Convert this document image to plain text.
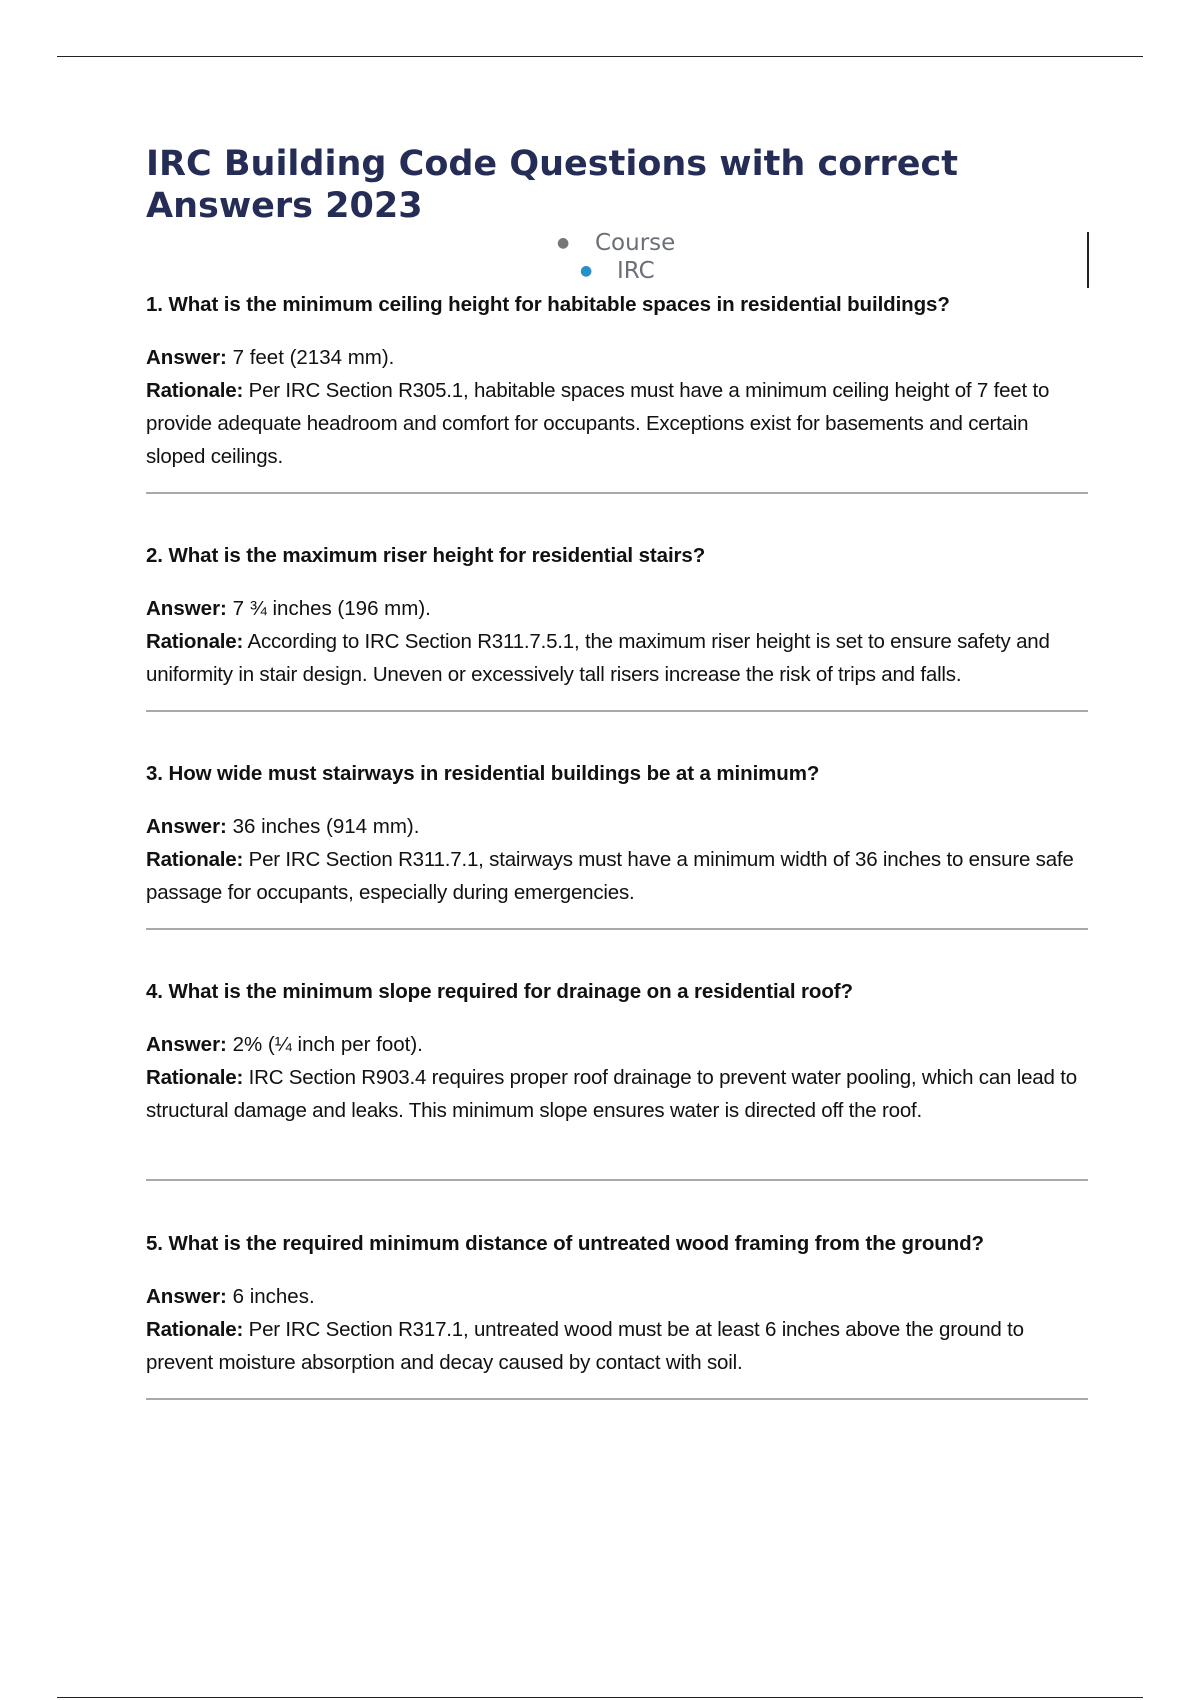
IRC Building Code Questions with correct Answers 2023
● Course
● IRC

1. What is the minimum ceiling height for habitable spaces in residential buildings?

Answer: 7 feet (2134 mm).

Rationale: Per IRC Section R305.1, habitable spaces must have a minimum ceiling height of 7 feet to provide adequate headroom and comfort for occupants. Exceptions exist for basements and certain sloped ceilings.

2. What is the maximum riser height for residential stairs?

Answer: 7 ¾ inches (196 mm).

Rationale: According to IRC Section R311.7.5.1, the maximum riser height is set to ensure safety and uniformity in stair design. Uneven or excessively tall risers increase the risk of trips and falls.

3. How wide must stairways in residential buildings be at a minimum?

Answer: 36 inches (914 mm).

Rationale: Per IRC Section R311.7.1, stairways must have a minimum width of 36 inches to ensure safe passage for occupants, especially during emergencies.

4. What is the minimum slope required for drainage on a residential roof?

Answer: 2% (¼ inch per foot).

Rationale: IRC Section R903.4 requires proper roof drainage to prevent water pooling, which can lead to structural damage and leaks. This minimum slope ensures water is directed off the roof.

5. What is the required minimum distance of untreated wood framing from the ground?

Answer: 6 inches.

Rationale: Per IRC Section R317.1, untreated wood must be at least 6 inches above the ground to prevent moisture absorption and decay caused by contact with soil.
